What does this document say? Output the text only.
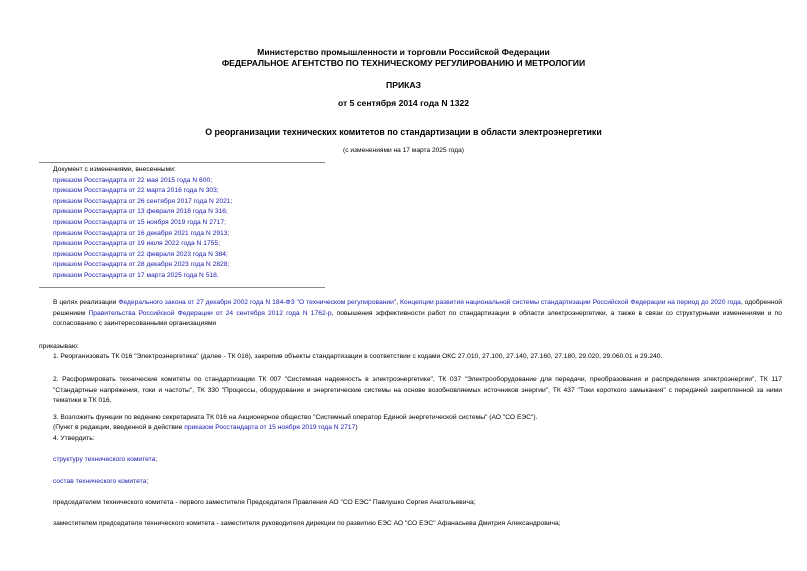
Министерство промышленности и торговли Российской Федерации
ФЕДЕРАЛЬНОЕ АГЕНТСТВО ПО ТЕХНИЧЕСКОМУ РЕГУЛИРОВАНИЮ И МЕТРОЛОГИИ
ПРИКАЗ
от 5 сентября 2014 года N 1322
О реорганизации технических комитетов по стандартизации в области электроэнергетики
(с изменениями на 17 марта 2025 года)
Документ с изменениями, внесенными:
приказом Росстандарта от 22 мая 2015 года N 600;
приказом Росстандарта от 22 марта 2016 года N 303;
приказом Росстандарта от 26 сентября 2017 года N 2021;
приказом Росстандарта от 13 февраля 2018 года N 316;
приказом Росстандарта от 15 ноября 2019 года N 2717;
приказом Росстандарта от 16 декабря 2021 года N 2913;
приказом Росстандарта от 19 июля 2022 года N 1755;
приказом Росстандарта от 22 февраля 2023 года N 384;
приказом Росстандарта от 28 декабря 2023 года N 2828;
приказом Росстандарта от 17 марта 2025 года N 518.
В целях реализации Федерального закона от 27 декабря 2002 года N 184-ФЗ "О техническом регулировании", Концепции развития национальной системы стандартизации Российской Федерации на период до 2020 года, одобренной решением Правительства Российской Федерации от 24 сентября 2012 года N 1762-р, повышения эффективности работ по стандартизации в области электроэнергетики, а также в связи со структурными изменениями и по согласованию с заинтересованными организациями
приказываю:
1. Реорганизовать ТК 016 "Электроэнергетика" (далее - ТК 016), закрепив объекты стандартизации в соответствии с кодами ОКС 27.010, 27.100, 27.140, 27.160, 27.180, 29.020, 29.060.01 и 29.240.
2. Расформировать технические комитеты по стандартизации ТК 007 "Системная надежность в электроэнергетике", ТК 037 "Электрооборудование для передачи, преобразования и распределения электроэнергии", ТК 117 "Стандартные напряжения, токи и частоты", ТК 330 "Процессы, оборудование и энергетические системы на основе возобновляемых источников энергии", ТК 437 "Токи короткого замыкания" с передачей закрепленной за ними тематики в ТК 016.
3. Возложить функции по ведению секретариата ТК 016 на Акционерное общество "Системный оператор Единой энергетической системы" (АО "СО ЕЭС").
(Пункт в редакции, введенной в действие приказом Росстандарта от 15 ноября 2019 года N 2717)
4. Утвердить:
структуру технического комитета;
состав технического комитета;
председателем технического комитета - первого заместителя Председателя Правления АО "СО ЕЭС" Павлушко Сергея Анатольевича;
заместителем председателя технического комитета - заместителя руководителя дирекции по развитию ЕЭС АО "СО ЕЭС" Афанасьева Дмитрия Александровича;
